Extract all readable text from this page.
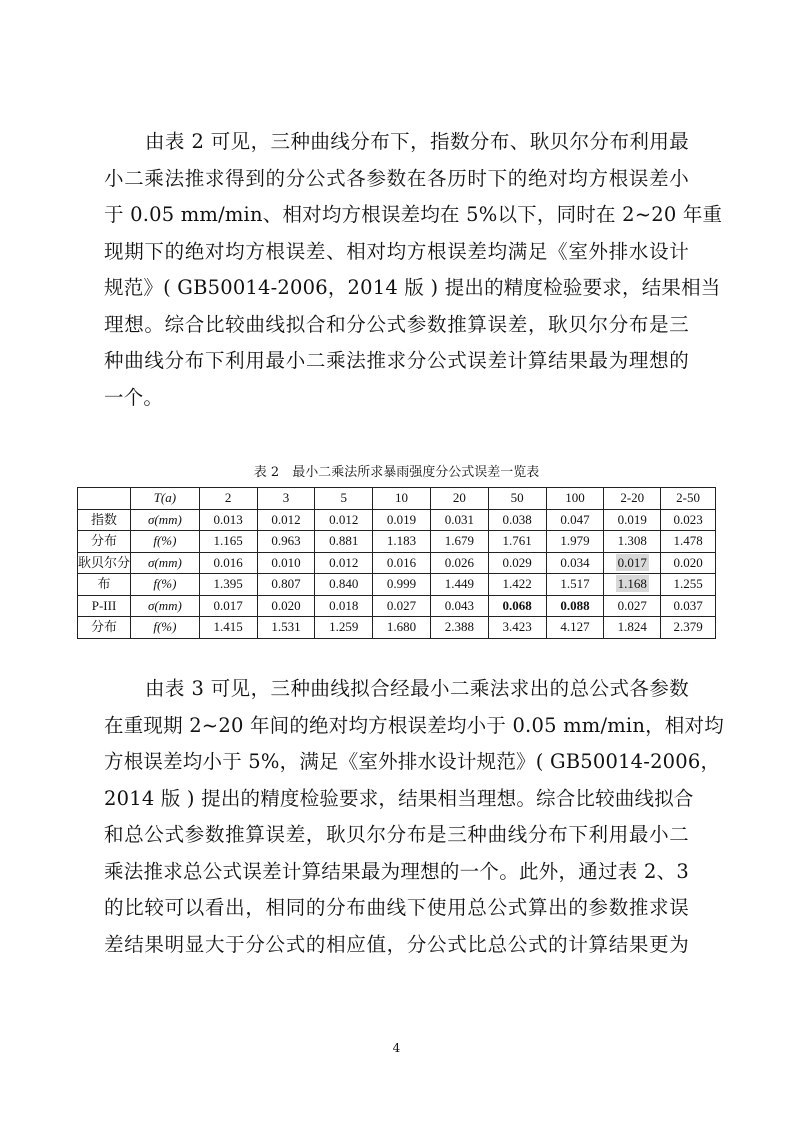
由表 2 可见，三种曲线分布下，指数分布、耿贝尔分布利用最
小二乘法推求得到的分公式各参数在各历时下的绝对均方根误差小
于 0.05 mm/min、相对均方根误差均在 5%以下，同时在 2~20 年重
现期下的绝对均方根误差、相对均方根误差均满足《室外排水设计
规范》( GB50014-2006，2014 版 ) 提出的精度检验要求，结果相当
理想。综合比较曲线拟合和分公式参数推算误差，耿贝尔分布是三
种曲线分布下利用最小二乘法推求分公式误差计算结果最为理想的
一个。
表 2　最小二乘法所求暴雨强度分公式误差一览表
	T(a)	2	3	5	10	20	50	100	2-20	2-50
指数	σ(mm)	0.013	0.012	0.012	0.019	0.031	0.038	0.047	0.019	0.023
分布	f(%)	1.165	0.963	0.881	1.183	1.679	1.761	1.979	1.308	1.478
耿贝尔分	σ(mm)	0.016	0.010	0.012	0.016	0.026	0.029	0.034	0.017	0.020
布	f(%)	1.395	0.807	0.840	0.999	1.449	1.422	1.517	1.168	1.255
P-III	σ(mm)	0.017	0.020	0.018	0.027	0.043	0.068	0.088	0.027	0.037
分布	f(%)	1.415	1.531	1.259	1.680	2.388	3.423	4.127	1.824	2.379
由表 3 可见，三种曲线拟合经最小二乘法求出的总公式各参数
在重现期 2~20 年间的绝对均方根误差均小于 0.05 mm/min，相对均
方根误差均小于 5%，满足《室外排水设计规范》( GB50014-2006，
2014 版 ) 提出的精度检验要求，结果相当理想。综合比较曲线拟合
和总公式参数推算误差，耿贝尔分布是三种曲线分布下利用最小二
乘法推求总公式误差计算结果最为理想的一个。此外，通过表 2、3
的比较可以看出，相同的分布曲线下使用总公式算出的参数推求误
差结果明显大于分公式的相应值，分公式比总公式的计算结果更为
4
